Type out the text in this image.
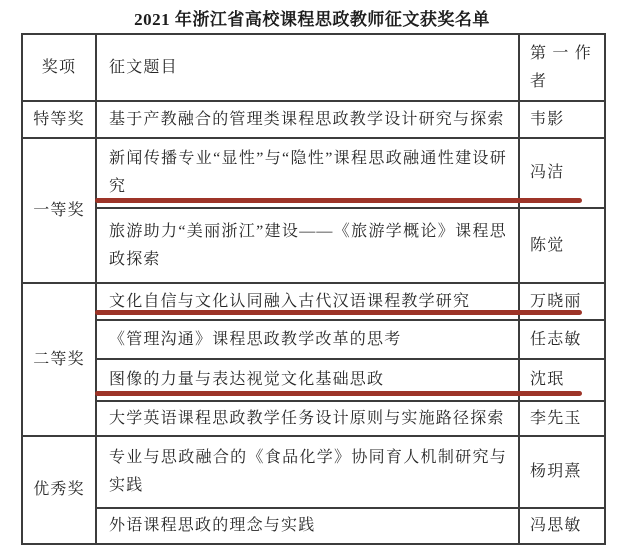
2021 年浙江省高校课程思政教师征文获奖名单
奖项	征文题目	第 一 作 者
特等奖	基于产教融合的管理类课程思政教学设计研究与探索	韦影
一等奖	新闻传播专业“显性”与“隐性”课程思政融通性建设研究	冯洁
	旅游助力“美丽浙江”建设——《旅游学概论》课程思政探索	陈觉
二等奖	文化自信与文化认同融入古代汉语课程教学研究	万晓丽
	《管理沟通》课程思政教学改革的思考	任志敏
	图像的力量与表达视觉文化基础思政	沈珉
	大学英语课程思政教学任务设计原则与实施路径探索	李先玉
优秀奖	专业与思政融合的《食品化学》协同育人机制研究与实践	杨玥熹
	外语课程思政的理念与实践	冯思敏
